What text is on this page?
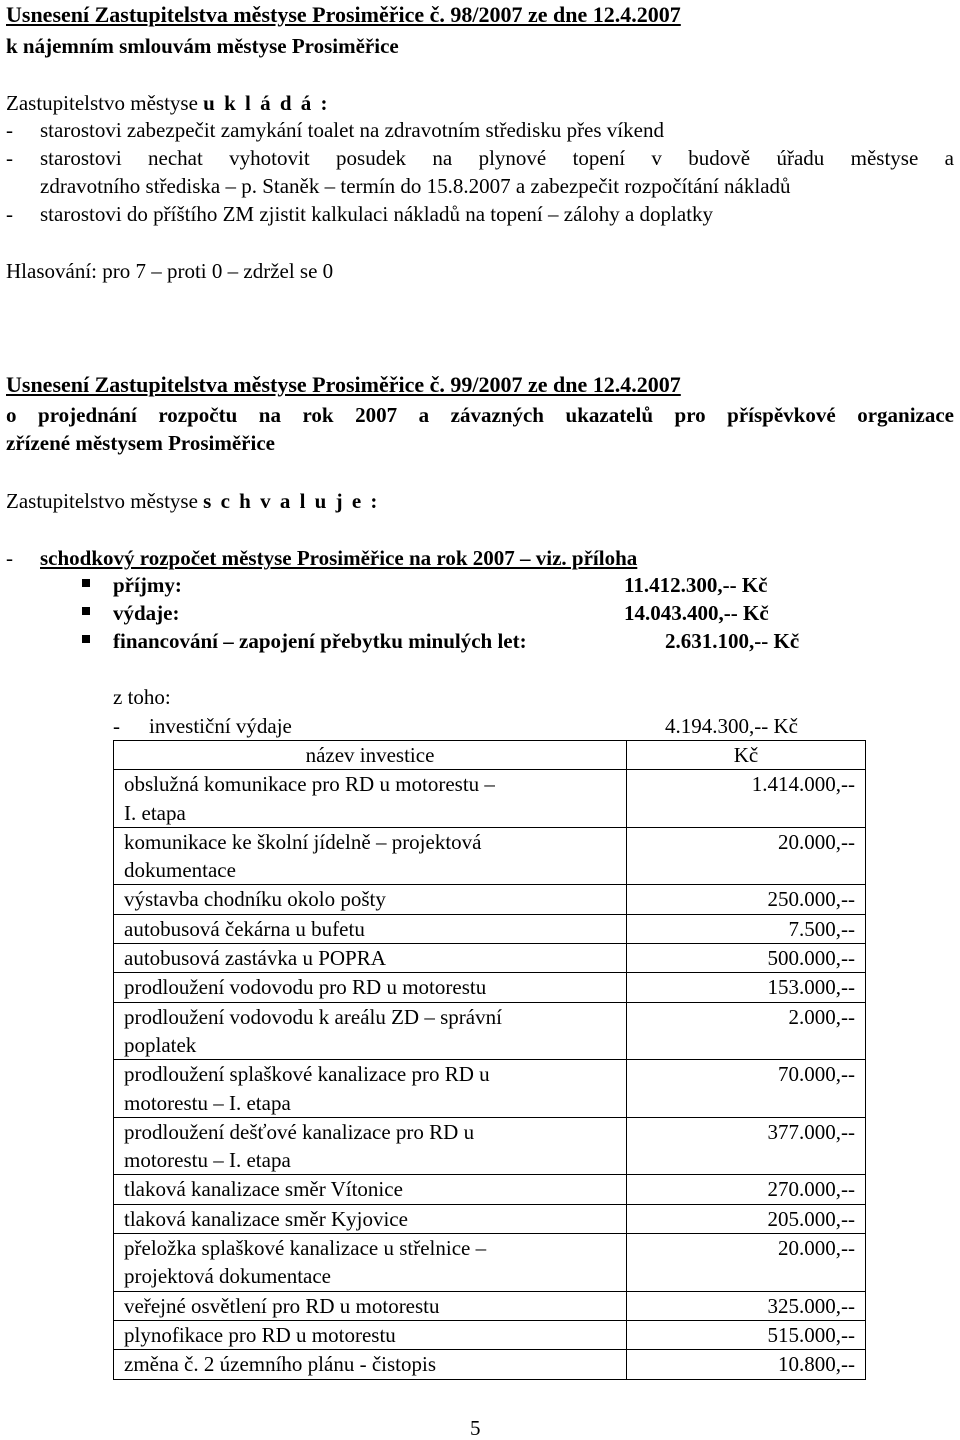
Usnesení Zastupitelstva městyse Prosiměřice č. 98/2007 ze dne 12.4.2007
k nájemním smlouvám městyse Prosiměřice
Zastupitelstvo městyse u k l á d á :
- starostovi zabezpečit zamykání toalet na zdravotním středisku přes víkend
- starostovi nechat vyhotovit posudek na plynové topení v budově úřadu městyse a
zdravotního střediska – p. Staněk – termín do 15.8.2007 a zabezpečit rozpočítání nákladů
- starostovi do příštího ZM zjistit kalkulaci nákladů na topení – zálohy a doplatky
Hlasování: pro 7 – proti 0 – zdržel se 0
Usnesení Zastupitelstva městyse Prosiměřice č. 99/2007 ze dne 12.4.2007
o projednání rozpočtu na rok 2007 a závazných ukazatelů pro příspěvkové organizace
zřízené městysem Prosiměřice
Zastupitelstvo městyse s c h v a l u j e :
- schodkový rozpočet městyse Prosiměřice na rok 2007 – viz. příloha
příjmy:	11.412.300,-- Kč
výdaje:	14.043.400,-- Kč
financování – zapojení přebytku minulých let:	2.631.100,-- Kč
z toho:
- investiční výdaje	4.194.300,-- Kč
název investice	Kč

obslužná komunikace pro RD u motorestu –
I. etapa	1.414.000,--

komunikace ke školní jídelně – projektová
dokumentace	20.000,--

výstavba chodníku okolo pošty	250.000,--

autobusová čekárna u bufetu	7.500,--

autobusová zastávka u POPRA	500.000,--

prodloužení vodovodu pro RD u motorestu	153.000,--

prodloužení vodovodu k areálu ZD – správní
poplatek	2.000,--

prodloužení splaškové kanalizace pro RD u
motorestu – I. etapa	70.000,--

prodloužení dešťové kanalizace pro RD u
motorestu – I. etapa	377.000,--

tlaková kanalizace směr Vítonice	270.000,--

tlaková kanalizace směr Kyjovice	205.000,--

přeložka splaškové kanalizace u střelnice –
projektová dokumentace	20.000,--

veřejné osvětlení pro RD u motorestu	325.000,--

plynofikace pro RD u motorestu	515.000,--

změna č. 2 územního plánu - čistopis	10.800,--
5
